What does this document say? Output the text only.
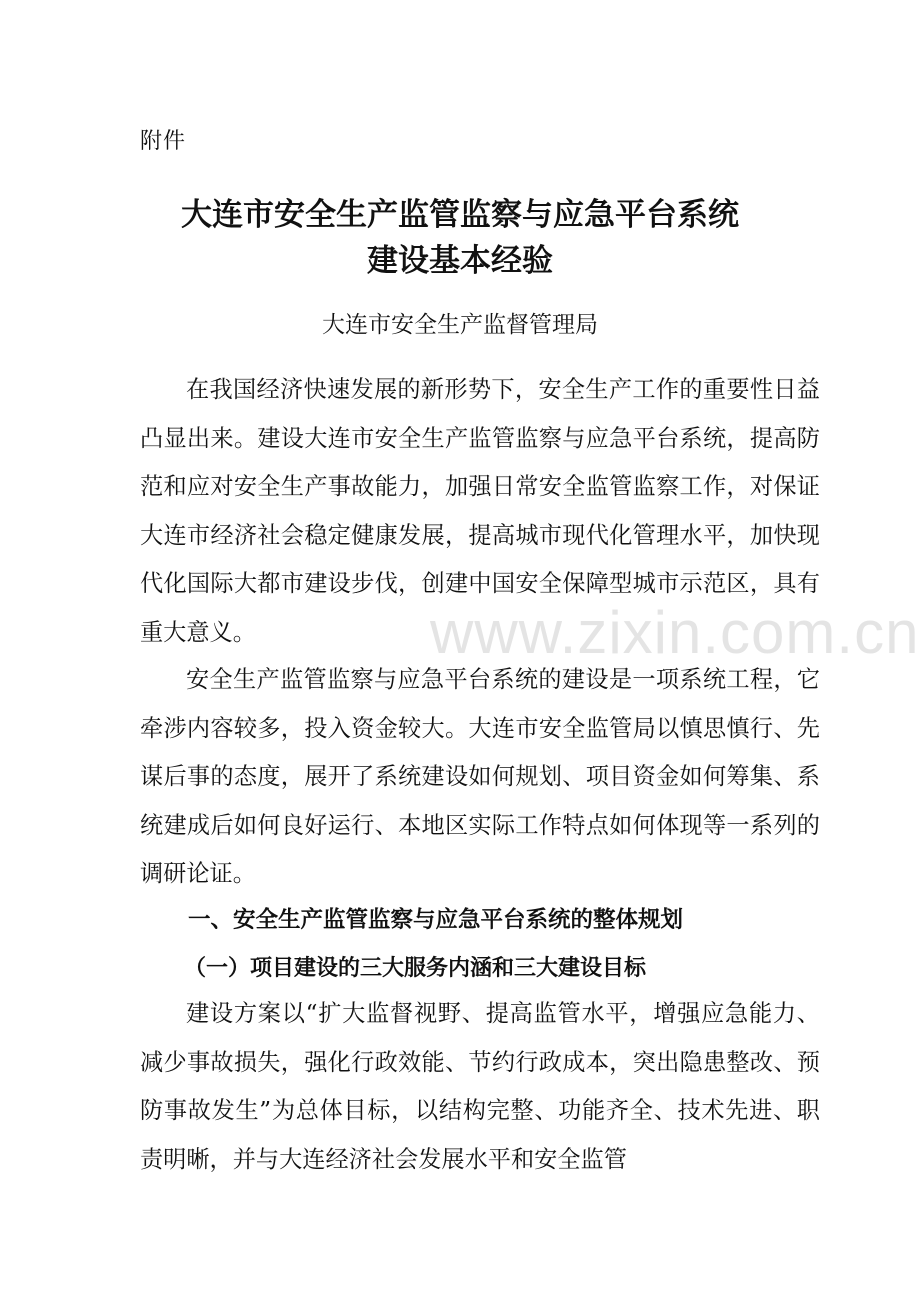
附件
大连市安全生产监管监察与应急平台系统
建设基本经验
大连市安全生产监督管理局

在我国经济快速发展的新形势下，安全生产工作的重要性日益凸显出来。建设大连市安全生产监管监察与应急平台系统，提高防范和应对安全生产事故能力，加强日常安全监管监察工作，对保证大连市经济社会稳定健康发展，提高城市现代化管理水平，加快现代化国际大都市建设步伐，创建中国安全保障型城市示范区，具有重大意义。

安全生产监管监察与应急平台系统的建设是一项系统工程，它牵涉内容较多，投入资金较大。大连市安全监管局以慎思慎行、先谋后事的态度，展开了系统建设如何规划、项目资金如何筹集、系统建成后如何良好运行、本地区实际工作特点如何体现等一系列的调研论证。

一、安全生产监管监察与应急平台系统的整体规划
（一）项目建设的三大服务内涵和三大建设目标

建设方案以“扩大监督视野、提高监管水平，增强应急能力、减少事故损失，强化行政效能、节约行政成本，突出隐患整改、预防事故发生”为总体目标，以结构完整、功能齐全、技术先进、职责明晰，并与大连经济社会发展水平和安全监管

www.zixin.com.cn
